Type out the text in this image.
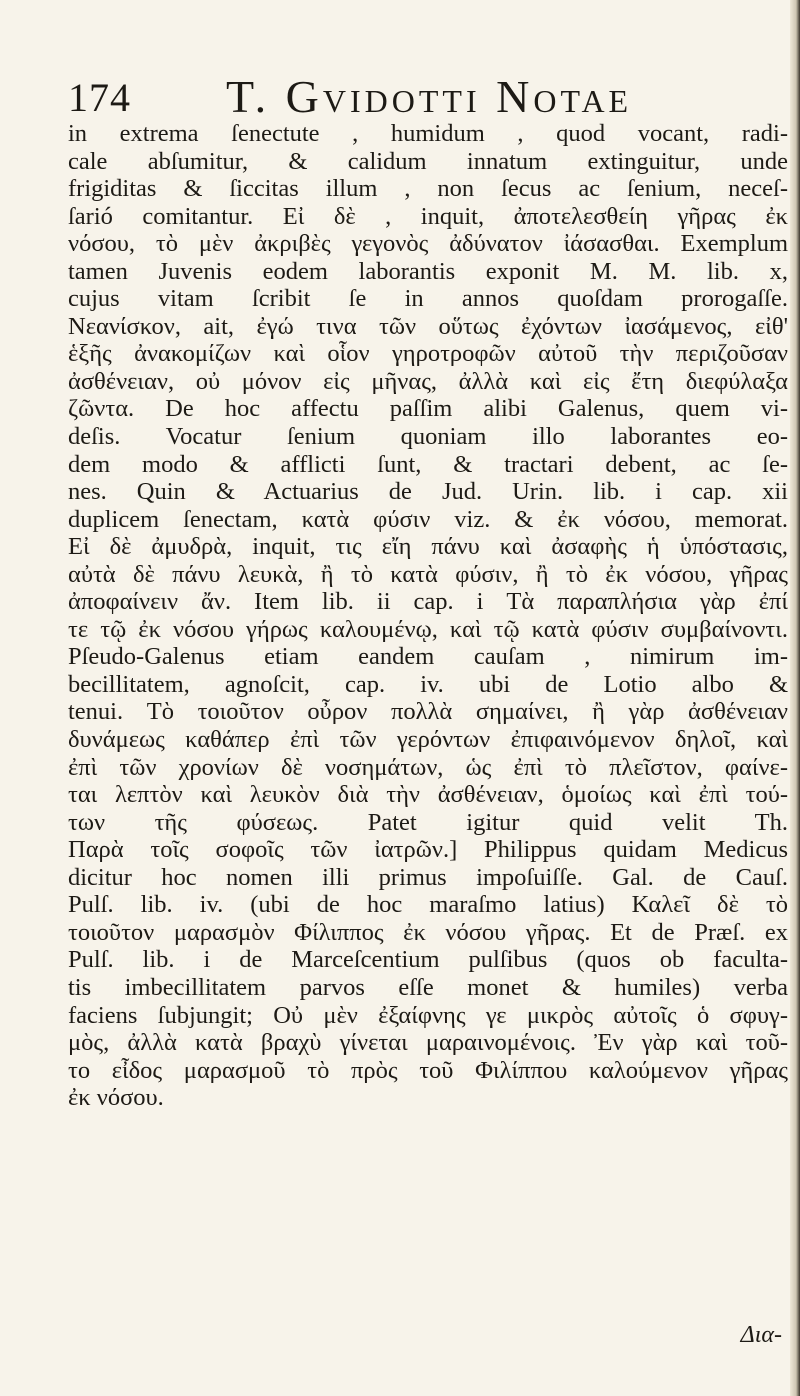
174 T. Gvidotti Notae
in extrema ſenectute , humidum , quod vocant, radi-
cale abſumitur, & calidum innatum extinguitur, unde
frigiditas & ſiccitas illum , non ſecus ac ſenium, neceſ-
ſarió comitantur. Εἰ δὲ , inquit, ἀποτελεσθείη γῆρας ἐκ
νόσου, τὸ μὲν ἀκριβὲς γεγονὸς ἀδύνατον ἰάσασθαι. Exemplum
tamen Juvenis eodem laborantis exponit M. M. lib. x,
cujus vitam ſcribit ſe in annos quoſdam prorogaſſe.
Νεανίσκον, ait, ἐγώ τινα τῶν οὕτως ἐχόντων ἰασάμενος, εἰθ'
ἑξῆς ἀνακομίζων καὶ οἷον γηροτροφῶν αὐτοῦ τὴν περιζοῦσαν
ἀσθένειαν, οὐ μόνον εἰς μῆνας, ἀλλὰ καὶ εἰς ἔτη διεφύλαξα
ζῶντα. De hoc affectu paſſim alibi Galenus, quem vi-
deſis. Vocatur ſenium quoniam illo laborantes eo-
dem modo & afflicti ſunt, & tractari debent, ac ſe-
nes. Quin & Actuarius de Jud. Urin. lib. i cap. xii
duplicem ſenectam, κατὰ φύσιν viz. & ἐκ νόσου, memorat.
Εἰ δὲ ἀμυδρὰ, inquit, τις εἴη πάνυ καὶ ἀσαφὴς ἡ ὑπόστασις,
αὐτὰ δὲ πάνυ λευκὰ, ἢ τὸ κατὰ φύσιν, ἢ τὸ ἐκ νόσου, γῆρας
ἀποφαίνειν ἄν. Item lib. ii cap. i Τὰ παραπλήσια γὰρ ἐπί
τε τῷ ἐκ νόσου γήρως καλουμένῳ, καὶ τῷ κατὰ φύσιν συμβαίνοντι.
Pſeudo-Galenus etiam eandem cauſam , nimirum im-
becillitatem, agnoſcit, cap. iv. ubi de Lotio albo &
tenui. Τὸ τοιοῦτον οὖρον πολλὰ σημαίνει, ἢ γὰρ ἀσθένειαν
δυνάμεως καθάπερ ἐπὶ τῶν γερόντων ἐπιφαινόμενον δηλοῖ, καὶ
ἐπὶ τῶν χρονίων δὲ νοσημάτων, ὡς ἐπὶ τὸ πλεῖστον, φαίνε-
ται λεπτὸν καὶ λευκὸν διὰ τὴν ἀσθένειαν, ὁμοίως καὶ ἐπὶ τού-
των τῆς φύσεως. Patet igitur quid velit Th.
Παρὰ τοῖς σοφοῖς τῶν ἰατρῶν.] Philippus quidam Medicus
dicitur hoc nomen illi primus impoſuiſſe. Gal. de Cauſ.
Pulſ. lib. iv. (ubi de hoc maraſmo latius) Καλεῖ δὲ τὸ
τοιοῦτον μαρασμὸν Φίλιππος ἐκ νόσου γῆρας. Et de Præſ. ex
Pulſ. lib. i de Marceſcentium pulſibus (quos ob faculta-
tis imbecillitatem parvos eſſe monet & humiles) verba
faciens ſubjungit; Οὐ μὲν ἐξαίφνης γε μικρὸς αὐτοῖς ὁ σφυγ-
μὸς, ἀλλὰ κατὰ βραχὺ γίνεται μαραινομένοις. Ἐν γὰρ καὶ τοῦ-
το εἶδος μαρασμοῦ τὸ πρὸς τοῦ Φιλίππου καλούμενον γῆρας
ἐκ νόσου.
Δια-
